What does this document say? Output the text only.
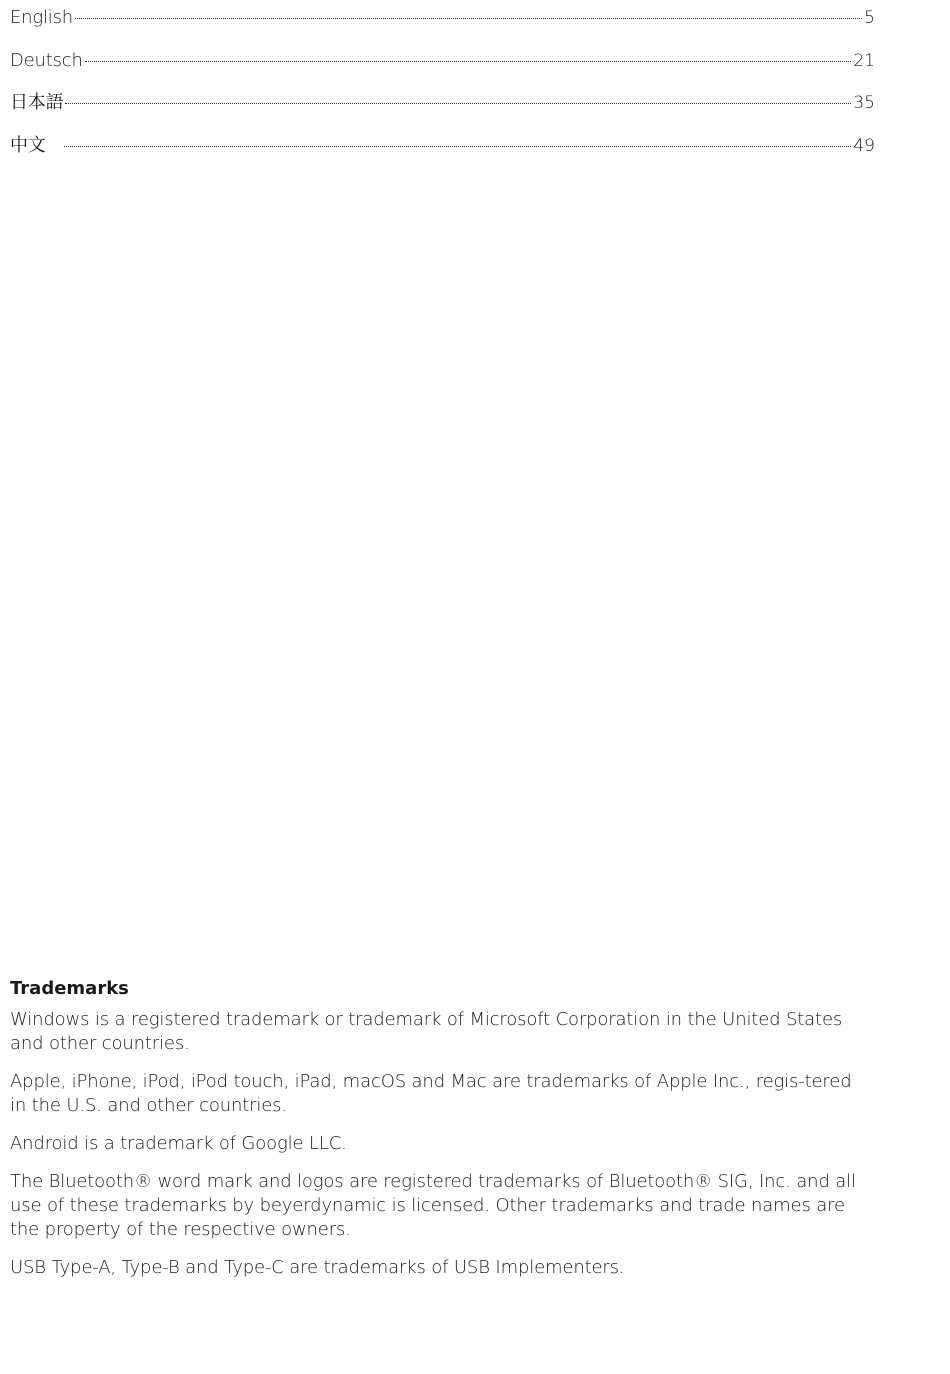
English	5
Deutsch	21
日本語	35
中文	49
Trademarks

Windows is a registered trademark or trademark of Microsoft Corporation in the United States and other countries.

Apple, iPhone, iPod, iPod touch, iPad, macOS and Mac are trademarks of Apple Inc., regis-tered in the U.S. and other countries.

Android is a trademark of Google LLC.

The Bluetooth® word mark and logos are registered trademarks of Bluetooth® SIG, Inc. and all use of these trademarks by beyerdynamic is licensed. Other trademarks and trade names are the property of the respective owners.

USB Type-A, Type-B and Type-C are trademarks of USB Implementers.
